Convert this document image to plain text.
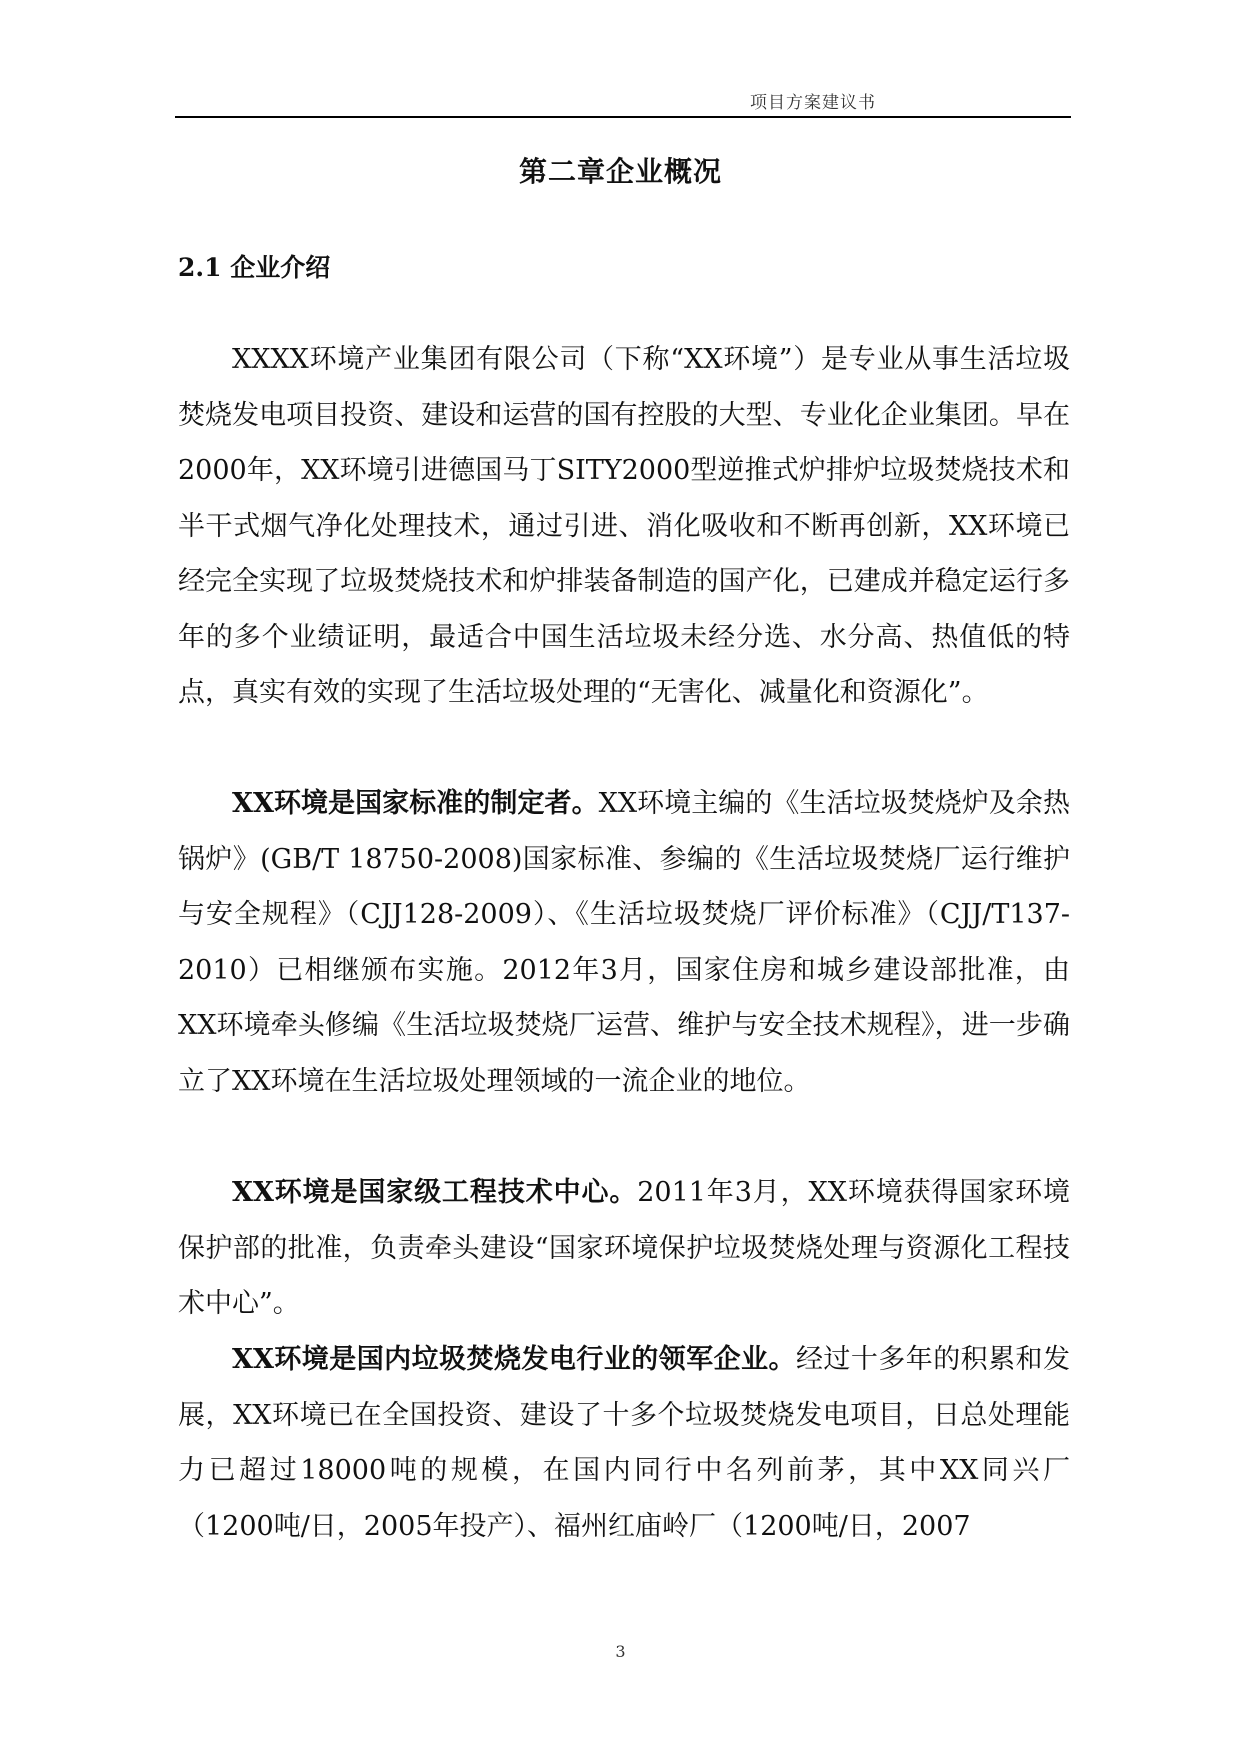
项目方案建议书
第二章企业概况
2.1 企业介绍

XXXX环境产业集团有限公司（下称“XX环境”）是专业从事生活垃圾焚烧发电项目投资、建设和运营的国有控股的大型、专业化企业集团。早在2000年，XX环境引进德国马丁SITY2000型逆推式炉排炉垃圾焚烧技术和半干式烟气净化处理技术，通过引进、消化吸收和不断再创新，XX环境已经完全实现了垃圾焚烧技术和炉排装备制造的国产化，已建成并稳定运行多年的多个业绩证明，最适合中国生活垃圾未经分选、水分高、热值低的特点，真实有效的实现了生活垃圾处理的“无害化、减量化和资源化”。

XX环境是国家标准的制定者。XX环境主编的《生活垃圾焚烧炉及余热锅炉》(GB/T 18750-2008)国家标准、参编的《生活垃圾焚烧厂运行维护与安全规程》（CJJ128-2009）、《生活垃圾焚烧厂评价标准》（CJJ/T137-2010）已相继颁布实施。2012年3月，国家住房和城乡建设部批准，由XX环境牵头修编《生活垃圾焚烧厂运营、维护与安全技术规程》，进一步确立了XX环境在生活垃圾处理领域的一流企业的地位。

XX环境是国家级工程技术中心。2011年3月，XX环境获得国家环境保护部的批准，负责牵头建设“国家环境保护垃圾焚烧处理与资源化工程技术中心”。

XX环境是国内垃圾焚烧发电行业的领军企业。经过十多年的积累和发展，XX环境已在全国投资、建设了十多个垃圾焚烧发电项目，日总处理能力已超过18000吨的规模，在国内同行中名列前茅，其中XX同兴厂（1200吨/日，2005年投产）、福州红庙岭厂（1200吨/日，2007

3
